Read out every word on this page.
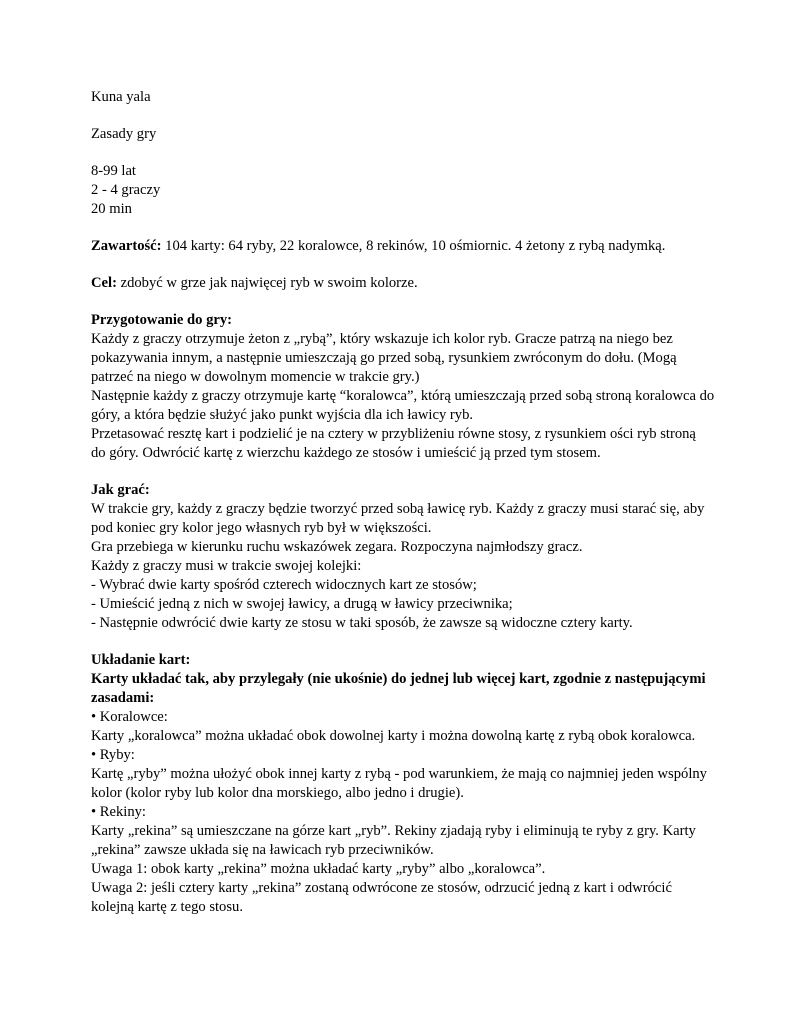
Kuna yala
Zasady gry
8-99 lat
2 - 4 graczy
20 min
Zawartość: 104 karty: 64 ryby, 22 koralowce, 8 rekinów, 10 ośmiornic. 4 żetony z rybą nadymką.
Cel: zdobyć w grze jak najwięcej ryb w swoim kolorze.
Przygotowanie do gry:
Każdy z graczy otrzymuje żeton z „rybą”, który wskazuje ich kolor ryb. Gracze patrzą na niego bez
pokazywania innym, a następnie umieszczają go przed sobą, rysunkiem zwróconym do dołu. (Mogą
patrzeć na niego w dowolnym momencie w trakcie gry.)
Następnie każdy z graczy otrzymuje kartę “koralowca”, którą umieszczają przed sobą stroną koralowca do
góry, a która będzie służyć jako punkt wyjścia dla ich ławicy ryb.
Przetasować resztę kart i podzielić je na cztery w przybliżeniu równe stosy, z rysunkiem ości ryb stroną
do góry. Odwrócić kartę z wierzchu każdego ze stosów i umieścić ją przed tym stosem.
Jak grać:
W trakcie gry, każdy z graczy będzie tworzyć przed sobą ławicę ryb. Każdy z graczy musi starać się, aby
pod koniec gry kolor jego własnych ryb był w większości.
Gra przebiega w kierunku ruchu wskazówek zegara. Rozpoczyna najmłodszy gracz.
Każdy z graczy musi w trakcie swojej kolejki:
- Wybrać dwie karty spośród czterech widocznych kart ze stosów;
- Umieścić jedną z nich w swojej ławicy, a drugą w ławicy przeciwnika;
- Następnie odwrócić dwie karty ze stosu w taki sposób, że zawsze są widoczne cztery karty.
Układanie kart:
Karty układać tak, aby przylegały (nie ukośnie) do jednej lub więcej kart, zgodnie z następującymi
zasadami:
• Koralowce:
Karty „koralowca” można układać obok dowolnej karty i można dowolną kartę z rybą obok koralowca.
• Ryby:
Kartę „ryby” można ułożyć obok innej karty z rybą - pod warunkiem, że mają co najmniej jeden wspólny
kolor (kolor ryby lub kolor dna morskiego, albo jedno i drugie).
• Rekiny:
Karty „rekina” są umieszczane na górze kart „ryb”. Rekiny zjadają ryby i eliminują te ryby z gry. Karty
„rekina” zawsze układa się na ławicach ryb przeciwników.
Uwaga 1: obok karty „rekina” można układać karty „ryby” albo „koralowca”.
Uwaga 2: jeśli cztery karty „rekina” zostaną odwrócone ze stosów, odrzucić jedną z kart i odwrócić
kolejną kartę z tego stosu.
